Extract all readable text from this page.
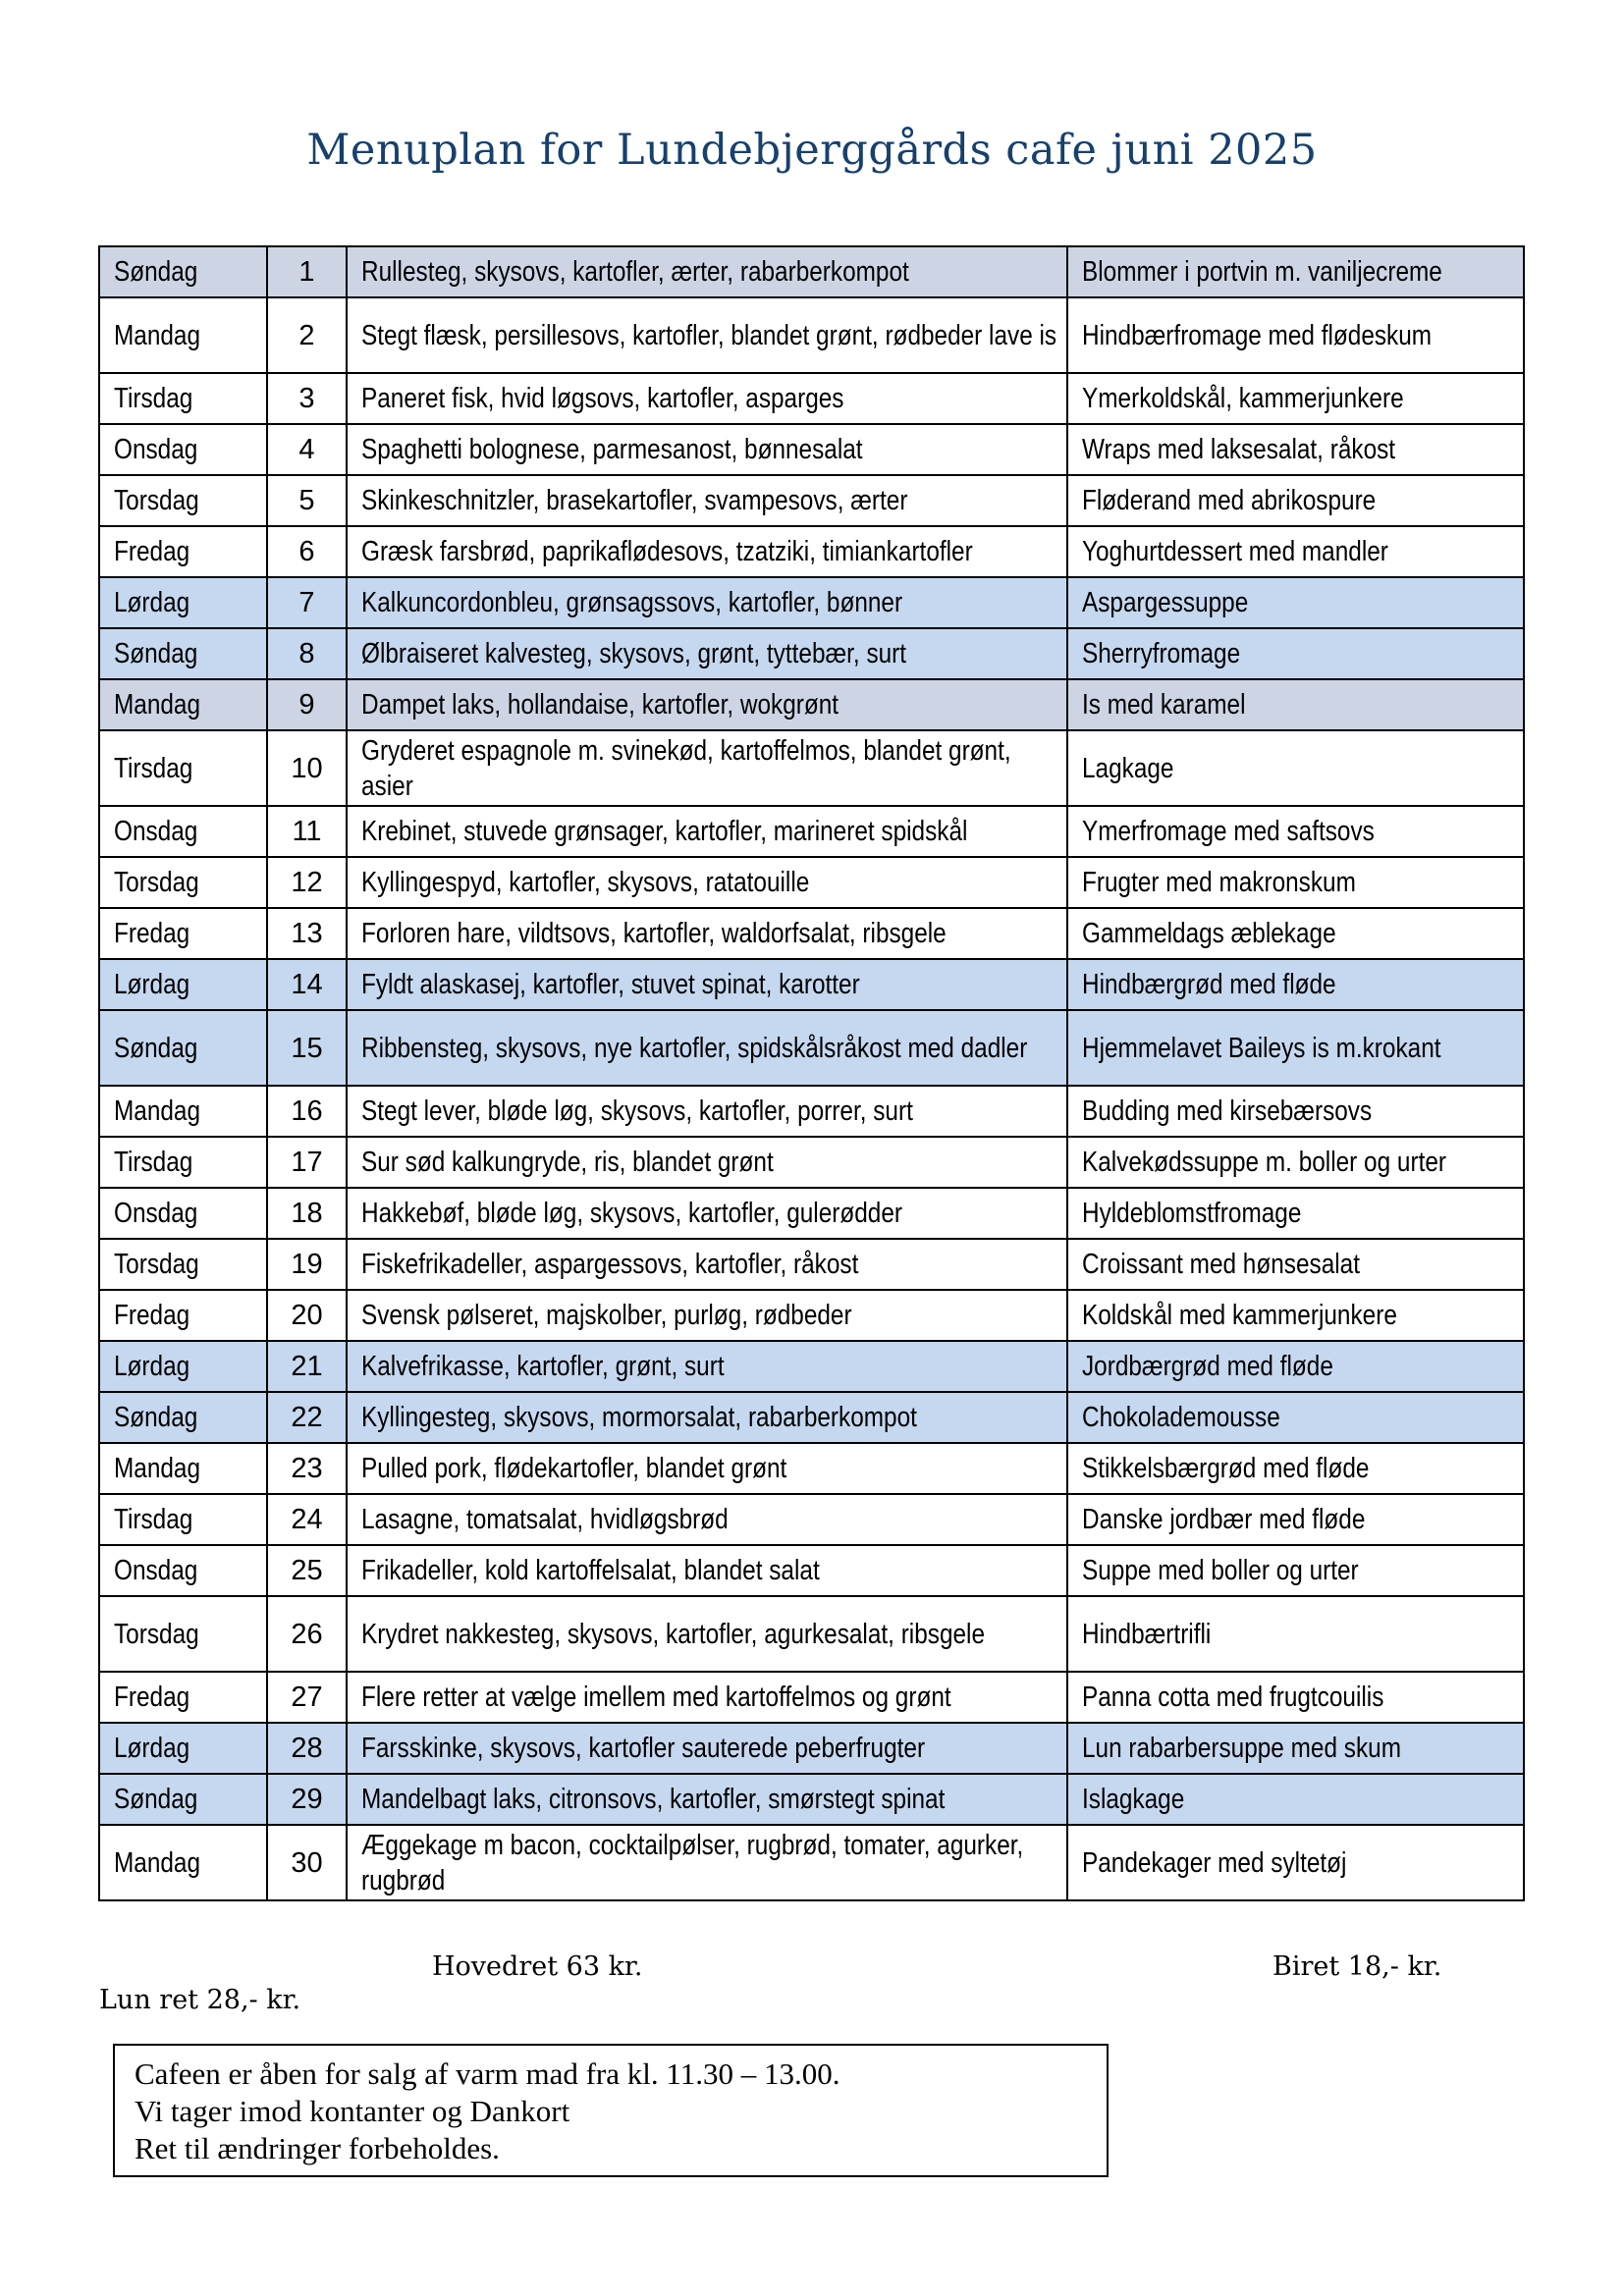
Menuplan for Lundebjerggårds cafe juni 2025
Søndag	1	Rullesteg, skysovs, kartofler, ærter, rabarberkompot	Blommer i portvin m. vaniljecreme
Mandag	2	Stegt flæsk, persillesovs, kartofler, blandet grønt, rødbeder lave is	Hindbærfromage med flødeskum
Tirsdag	3	Paneret fisk, hvid løgsovs, kartofler, asparges	Ymerkoldskål, kammerjunkere
Onsdag	4	Spaghetti bolognese, parmesanost, bønnesalat	Wraps med laksesalat, råkost
Torsdag	5	Skinkeschnitzler, brasekartofler, svampesovs, ærter	Fløderand med abrikospure
Fredag	6	Græsk farsbrød, paprikaflødesovs, tzatziki, timiankartofler	Yoghurtdessert med mandler
Lørdag	7	Kalkuncordonbleu, grønsagssovs, kartofler, bønner	Aspargessuppe
Søndag	8	Ølbraiseret kalvesteg, skysovs, grønt, tyttebær, surt	Sherryfromage
Mandag	9	Dampet laks, hollandaise, kartofler, wokgrønt	Is med karamel
Tirsdag	10	Gryderet espagnole m. svinekød, kartoffelmos, blandet grønt, asier	Lagkage
Onsdag	11	Krebinet, stuvede grønsager, kartofler, marineret spidskål	Ymerfromage med saftsovs
Torsdag	12	Kyllingespyd, kartofler, skysovs, ratatouille	Frugter med makronskum
Fredag	13	Forloren hare, vildtsovs, kartofler, waldorfsalat, ribsgele	Gammeldags æblekage
Lørdag	14	Fyldt alaskasej, kartofler, stuvet spinat, karotter	Hindbærgrød med fløde
Søndag	15	Ribbensteg, skysovs, nye kartofler, spidskålsråkost med dadler	Hjemmelavet Baileys is m.krokant
Mandag	16	Stegt lever, bløde løg, skysovs, kartofler, porrer, surt	Budding med kirsebærsovs
Tirsdag	17	Sur sød kalkungryde, ris, blandet grønt	Kalvekødssuppe m. boller og urter
Onsdag	18	Hakkebøf, bløde løg, skysovs, kartofler, gulerødder	Hyldeblomstfromage
Torsdag	19	Fiskefrikadeller, aspargessovs, kartofler, råkost	Croissant med hønsesalat
Fredag	20	Svensk pølseret, majskolber, purløg, rødbeder	Koldskål med kammerjunkere
Lørdag	21	Kalvefrikasse, kartofler, grønt, surt	Jordbærgrød med fløde
Søndag	22	Kyllingesteg, skysovs, mormorsalat, rabarberkompot	Chokolademousse
Mandag	23	Pulled pork, flødekartofler, blandet grønt	Stikkelsbærgrød med fløde
Tirsdag	24	Lasagne, tomatsalat, hvidløgsbrød	Danske jordbær med fløde
Onsdag	25	Frikadeller, kold kartoffelsalat, blandet salat	Suppe med boller og urter
Torsdag	26	Krydret nakkesteg, skysovs, kartofler, agurkesalat, ribsgele	Hindbærtrifli
Fredag	27	Flere retter at vælge imellem med kartoffelmos og grønt	Panna cotta med frugtcouilis
Lørdag	28	Farsskinke, skysovs, kartofler sauterede peberfrugter	Lun rabarbersuppe med skum
Søndag	29	Mandelbagt laks, citronsovs, kartofler, smørstegt spinat	Islagkage
Mandag	30	Æggekage m bacon, cocktailpølser, rugbrød, tomater, agurker, rugbrød	Pandekager med syltetøj
Hovedret 63 kr.	Biret 18,- kr.
Lun ret 28,- kr.
Cafeen er åben for salg af varm mad fra kl. 11.30 – 13.00.
Vi tager imod kontanter og Dankort
Ret til ændringer forbeholdes.
